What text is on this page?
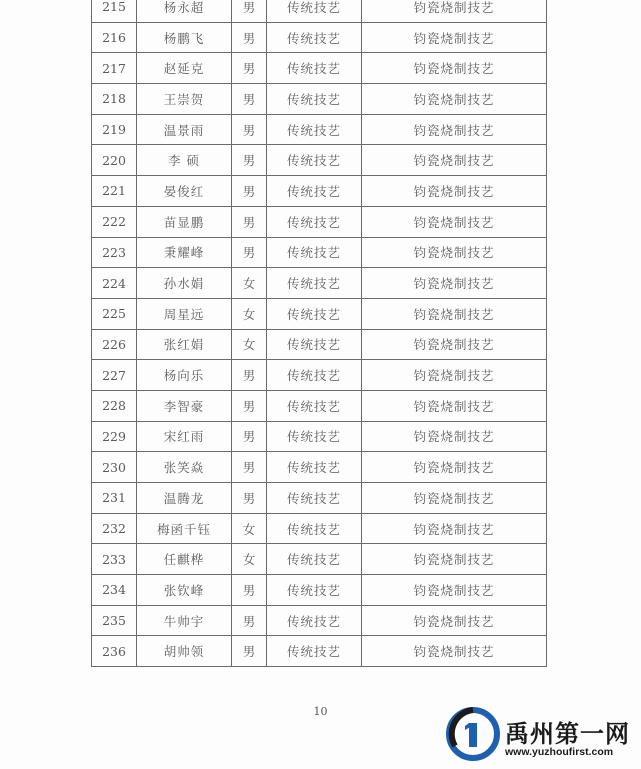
215	杨永超	男	传统技艺	钧瓷烧制技艺
216	杨鹏飞	男	传统技艺	钧瓷烧制技艺
217	赵延克	男	传统技艺	钧瓷烧制技艺
218	王崇贺	男	传统技艺	钧瓷烧制技艺
219	温景雨	男	传统技艺	钧瓷烧制技艺
220	李 硕	男	传统技艺	钧瓷烧制技艺
221	晏俊红	男	传统技艺	钧瓷烧制技艺
222	苗显鹏	男	传统技艺	钧瓷烧制技艺
223	秉耀峰	男	传统技艺	钧瓷烧制技艺
224	孙水娟	女	传统技艺	钧瓷烧制技艺
225	周星远	女	传统技艺	钧瓷烧制技艺
226	张红娟	女	传统技艺	钧瓷烧制技艺
227	杨向乐	男	传统技艺	钧瓷烧制技艺
228	李智豪	男	传统技艺	钧瓷烧制技艺
229	宋红雨	男	传统技艺	钧瓷烧制技艺
230	张笑焱	男	传统技艺	钧瓷烧制技艺
231	温腾龙	男	传统技艺	钧瓷烧制技艺
232	梅函千钰	女	传统技艺	钧瓷烧制技艺
233	任麒桦	女	传统技艺	钧瓷烧制技艺
234	张钦峰	男	传统技艺	钧瓷烧制技艺
235	牛帅宇	男	传统技艺	钧瓷烧制技艺
236	胡帅领	男	传统技艺	钧瓷烧制技艺
10
禹州第一网
www.yuzhoufirst.com
